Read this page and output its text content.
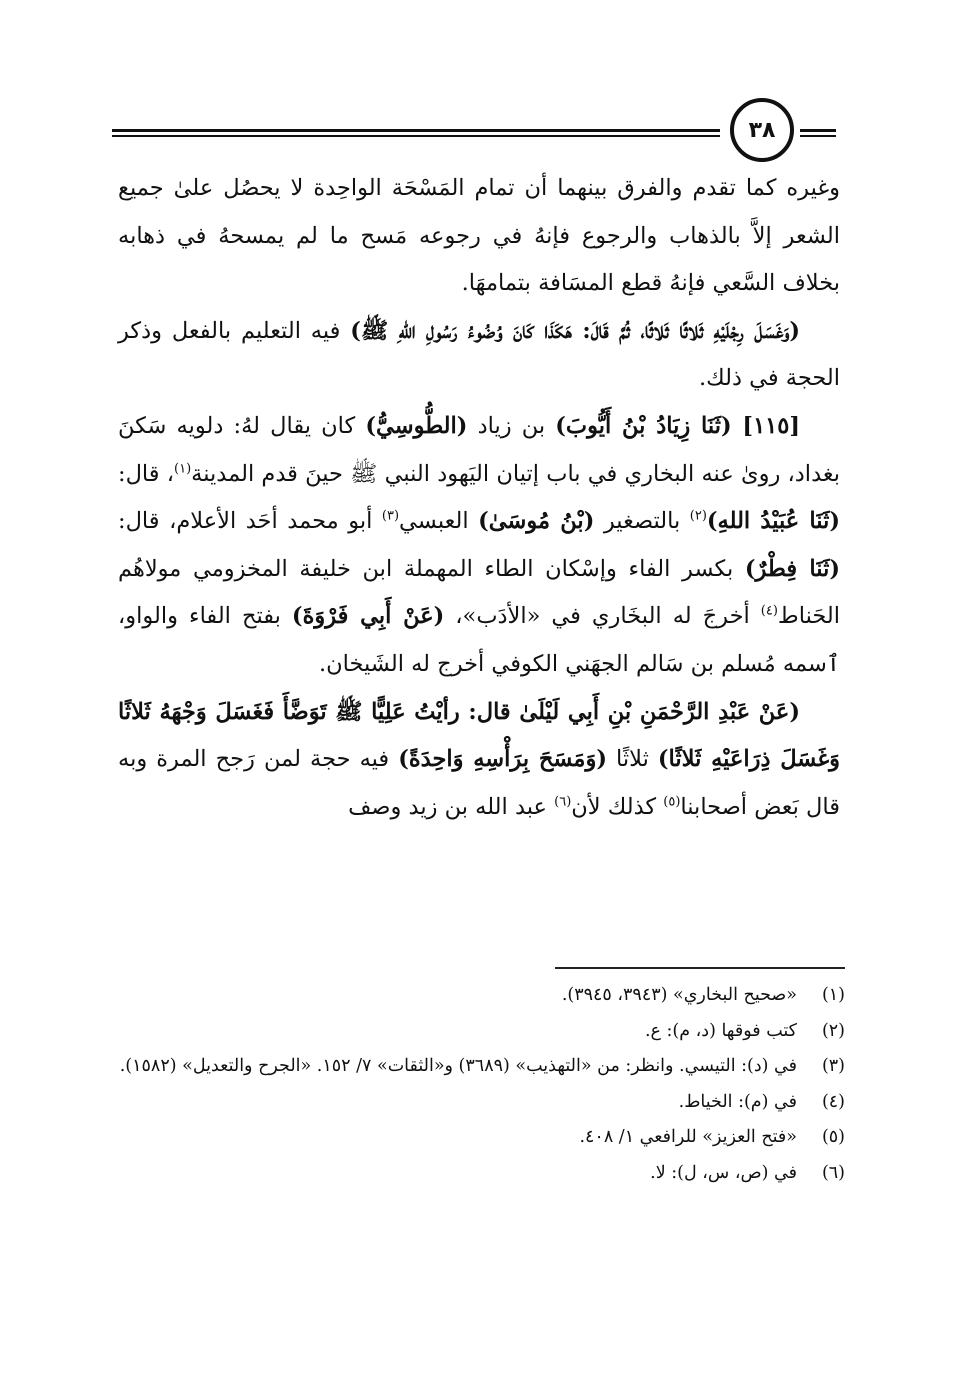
٣٨

وغيره كما تقدم والفرق بينهما أن تمام المَسْحَة الواحِدة لا يحصُل علىٰ جميع الشعر إلاَّ بالذهاب والرجوع فإنهُ في رجوعه مَسح ما لم يمسحهُ في ذهابه بخلاف السَّعي فإنهُ قطع المسَافة بتمامهَا.

(وَغَسَلَ رِجْلَيْهِ ثَلاثًا ثَلاثًا، ثُمَّ قَالَ: هَكَذَا كَانَ وُضُوءُ رَسُولِ اللهِ ﷺ) فيه التعليم بالفعل وذكر الحجة في ذلك.

[١١٥] (ثَنَا زِيَادُ بْنُ أَيُّوبَ) بن زياد (الطُّوسِيُّ) كان يقال لهُ: دلويه سَكنَ بغداد، روىٰ عنه البخاري في باب إتيان اليَهود النبي ﷺ حينَ قدم المدينة$^{(١)}$، قال: (ثَنَا عُبَيْدُ اللهِ)$^{(٢)}$ بالتصغير (بْنُ مُوسَىٰ) العبسي$^{(٣)}$ أبو محمد أحَد الأعلام، قال: (ثَنَا فِطْرٌ) بكسر الفاء وإسْكان الطاء المهملة ابن خليفة المخزومي مولاهُم الحَناط$^{(٤)}$ أخرجَ له البخَاري في «الأدَب»، (عَنْ أَبِي فَرْوَةَ) بفتح الفاء والواو، ٱسمه مُسلم بن سَالم الجهَني الكوفي أخرج له الشَيخان.

(عَنْ عَبْدِ الرَّحْمَنِ بْنِ أَبِي لَيْلَىٰ قال: رأيْتُ عَلِيًّا ﷺ تَوَضَّأَ فَغَسَلَ وَجْهَهُ ثَلاثًا وَغَسَلَ ذِرَاعَيْهِ ثَلاثًا) ثلاثًا (وَمَسَحَ بِرَأْسِهِ وَاحِدَةً) فيه حجة لمن رَجح المرة وبه قال بَعض أصحابنا$^{(٥)}$ كذلك لأن$^{(٦)}$ عبد الله بن زيد وصف

(١)
«صحيح البخاري» (٣٩٤٣، ٣٩٤٥).
(٢)
كتب فوقها (د، م): ع.
(٣)
في (د): التيسي. وانظر: من «التهذيب» (٣٦٨٩) و«الثقات» ٧/ ١٥٢. «الجرح والتعديل» (١٥٨٢).
(٤)
في (م): الخياط.
(٥)
«فتح العزيز» للرافعي ١/ ٤٠٨.
(٦)
في (ص، س، ل): لا.
